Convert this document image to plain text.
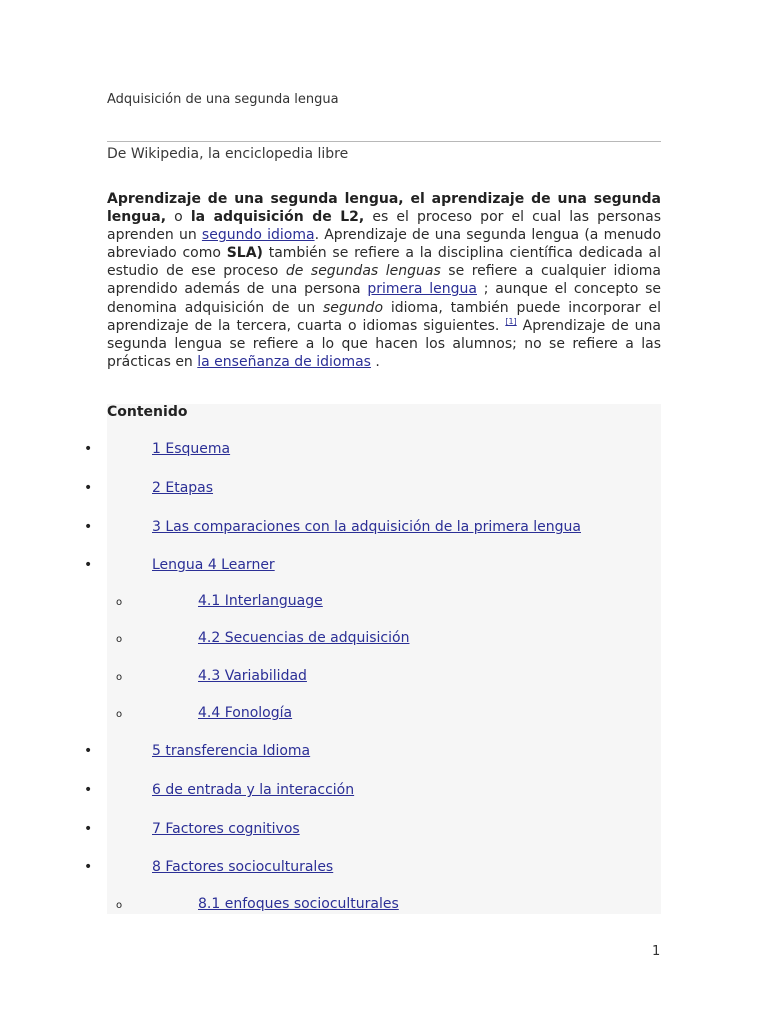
Adquisición de una segunda lengua
De Wikipedia, la enciclopedia libre
Aprendizaje de una segunda lengua, el aprendizaje de una segunda lengua, o la adquisición de L2, es el proceso por el cual las personas aprenden un segundo idioma. Aprendizaje de una segunda lengua (a menudo abreviado como SLA) también se refiere a la disciplina científica dedicada al estudio de ese proceso de segundas lenguas se refiere a cualquier idioma aprendido además de una persona primera lengua ; aunque el concepto se denomina adquisición de un segundo idioma, también puede incorporar el aprendizaje de la tercera, cuarta o idiomas siguientes. [1] Aprendizaje de una segunda lengua se refiere a lo que hacen los alumnos; no se refiere a las prácticas en la enseñanza de idiomas .
Contenido
•	1 Esquema
•	2 Etapas
•	3 Las comparaciones con la adquisición de la primera lengua
•	Lengua 4 Learner
o	4.1 Interlanguage
o	4.2 Secuencias de adquisición
o	4.3 Variabilidad
o	4.4 Fonología
•	5 transferencia Idioma
•	6 de entrada y la interacción
•	7 Factores cognitivos
•	8 Factores socioculturales
o	8.1 enfoques socioculturales
1
